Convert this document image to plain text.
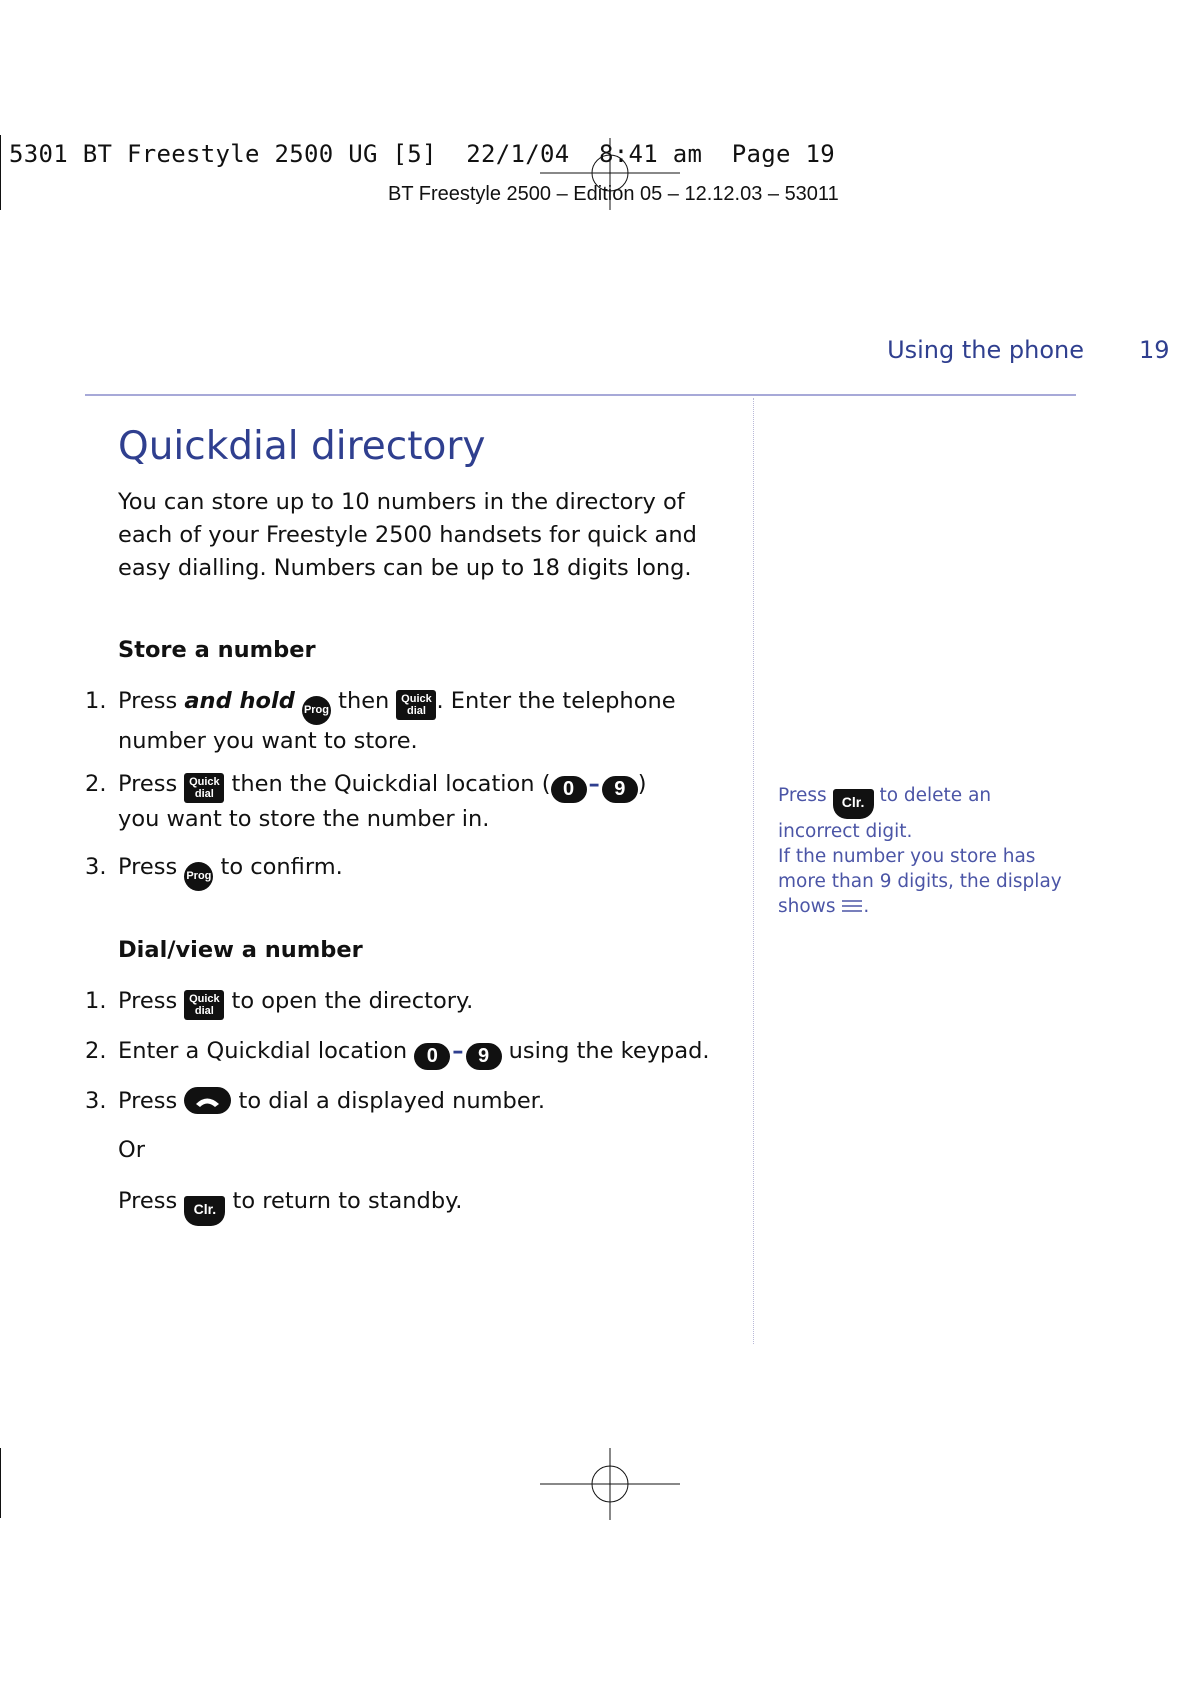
5301 BT Freestyle 2500 UG [5]  22/1/04  8:41 am  Page 19
BT Freestyle 2500 – Edition 05 – 12.12.03 – 53011
Using the phone 19
Quickdial directory

You can store up to 10 numbers in the directory of each of your Freestyle 2500 handsets for quick and easy dialling. Numbers can be up to 18 digits long.

Store a number
1. Press and hold Prog then Quick
dial . Enter the telephone number you want to store.
2. Press Quick
dial then the Quickdial location ( 0 – 9 )
you want to store the number in.
3. Press Prog to confirm.
Dial/view a number
1. Press Quick
dial to open the directory.
2. Enter a Quickdial location 0 – 9 using the keypad.
3. Press
to dial a displayed number.
Or
Press Clr. to return to standby.

Press Clr. to delete an incorrect digit.

If the number you store has more than 9 digits, the display shows .
